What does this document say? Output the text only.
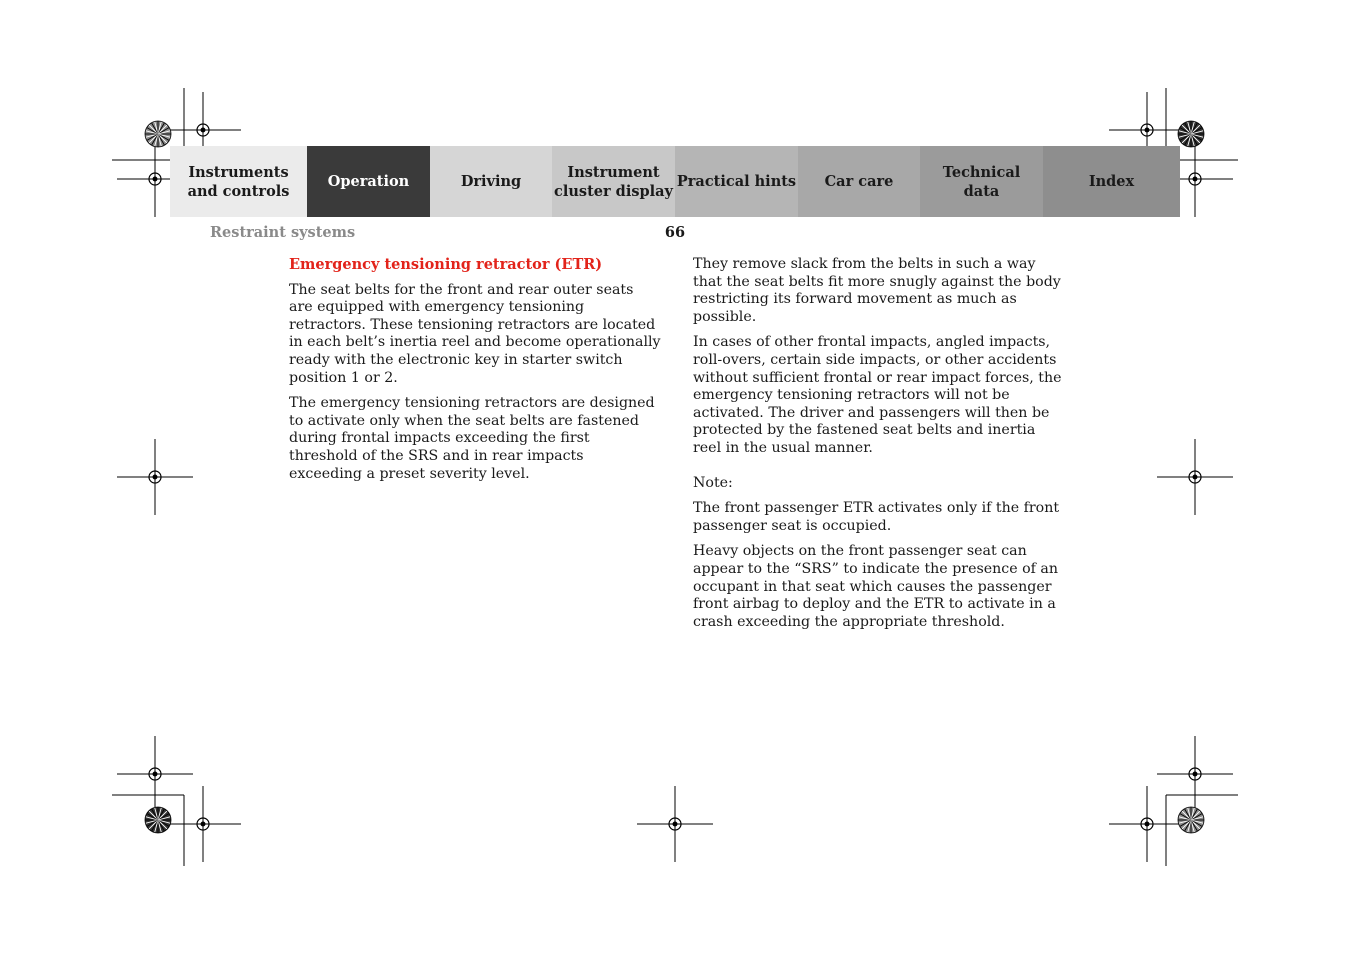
Instruments
and controls
Operation	Driving
Instrument
cluster display
Practical hints	Car care
Technical
data
Index
Restraint systems	66
Emergency tensioning retractor (ETR)

The seat belts for the front and rear outer seats are equipped with emergency tensioning retractors. These tensioning retractors are located in each belt’s inertia reel and become operationally ready with the electronic key in starter switch position 1 or 2.

The emergency tensioning retractors are designed to activate only when the seat belts are fastened during frontal impacts exceeding the first threshold of the SRS and in rear impacts exceeding a preset severity level.

They remove slack from the belts in such a way that the seat belts fit more snugly against the body restricting its forward movement as much as possible.

In cases of other frontal impacts, angled impacts, roll-overs, certain side impacts, or other accidents without sufficient frontal or rear impact forces, the emergency tensioning retractors will not be activated. The driver and passengers will then be protected by the fastened seat belts and inertia reel in the usual manner.

Note:

The front passenger ETR activates only if the front passenger seat is occupied.

Heavy objects on the front passenger seat can appear to the “SRS” to indicate the presence of an occupant in that seat which causes the passenger front airbag to deploy and the ETR to activate in a crash exceeding the appropriate threshold.
